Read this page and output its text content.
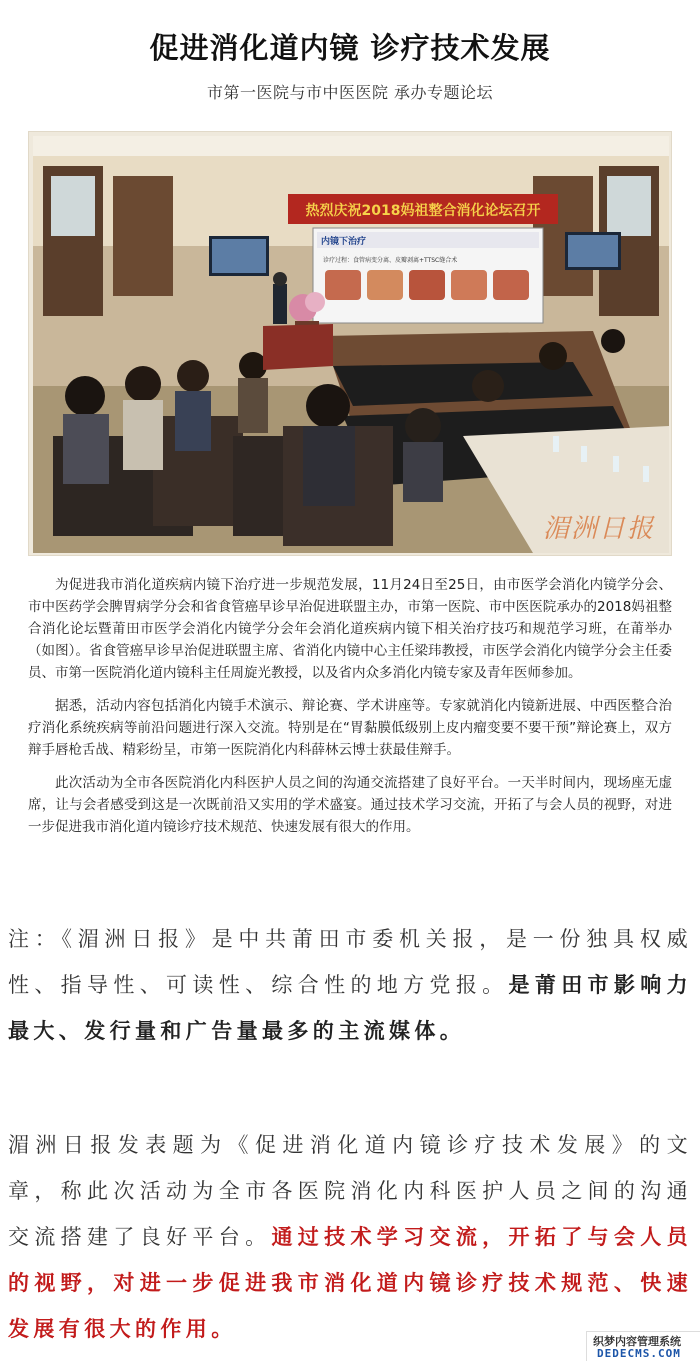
促进消化道内镜 诊疗技术发展
市第一医院与市中医医院 承办专题论坛
热烈庆祝2018妈祖整合消化论坛召开
内镜下治疗
诊疗过程：食管病变分离、皮瓣剥离+TTSC缝合术
湄洲日报

为促进我市消化道疾病内镜下治疗进一步规范发展，11月24日至25日，由市医学会消化内镜学分会、市中医药学会脾胃病学分会和省食管癌早诊早治促进联盟主办，市第一医院、市中医医院承办的2018妈祖整合消化论坛暨莆田市医学会消化内镜学分会年会消化道疾病内镜下相关治疗技巧和规范学习班，在莆举办（如图）。省食管癌早诊早治促进联盟主席、省消化内镜中心主任梁玮教授，市医学会消化内镜学分会主任委员、市第一医院消化道内镜科主任周旋光教授，以及省内众多消化内镜专家及青年医师参加。

据悉，活动内容包括消化内镜手术演示、辩论赛、学术讲座等。专家就消化内镜新进展、中西医整合治疗消化系统疾病等前沿问题进行深入交流。特别是在“胃黏膜低级别上皮内瘤变要不要干预”辩论赛上，双方辩手唇枪舌战、精彩纷呈，市第一医院消化内科薛林云博士获最佳辩手。

此次活动为全市各医院消化内科医护人员之间的沟通交流搭建了良好平台。一天半时间内，现场座无虚席，让与会者感受到这是一次既前沿又实用的学术盛宴。通过技术学习交流，开拓了与会人员的视野，对进一步促进我市消化道内镜诊疗技术规范、快速发展有很大的作用。

注：《湄洲日报》是中共莆田市委机关报，是一份独具权威性、指导性、可读性、综合性的地方党报。是莆田市影响力最大、发行量和广告量最多的主流媒体。
湄洲日报发表题为《促进消化道内镜诊疗技术发展》的文章，称此次活动为全市各医院消化内科医护人员之间的沟通交流搭建了良好平台。通过技术学习交流，开拓了与会人员的视野，对进一步促进我市消化道内镜诊疗技术规范、快速发展有很大的作用。
织梦内容管理系统
DEDECMS.COM
